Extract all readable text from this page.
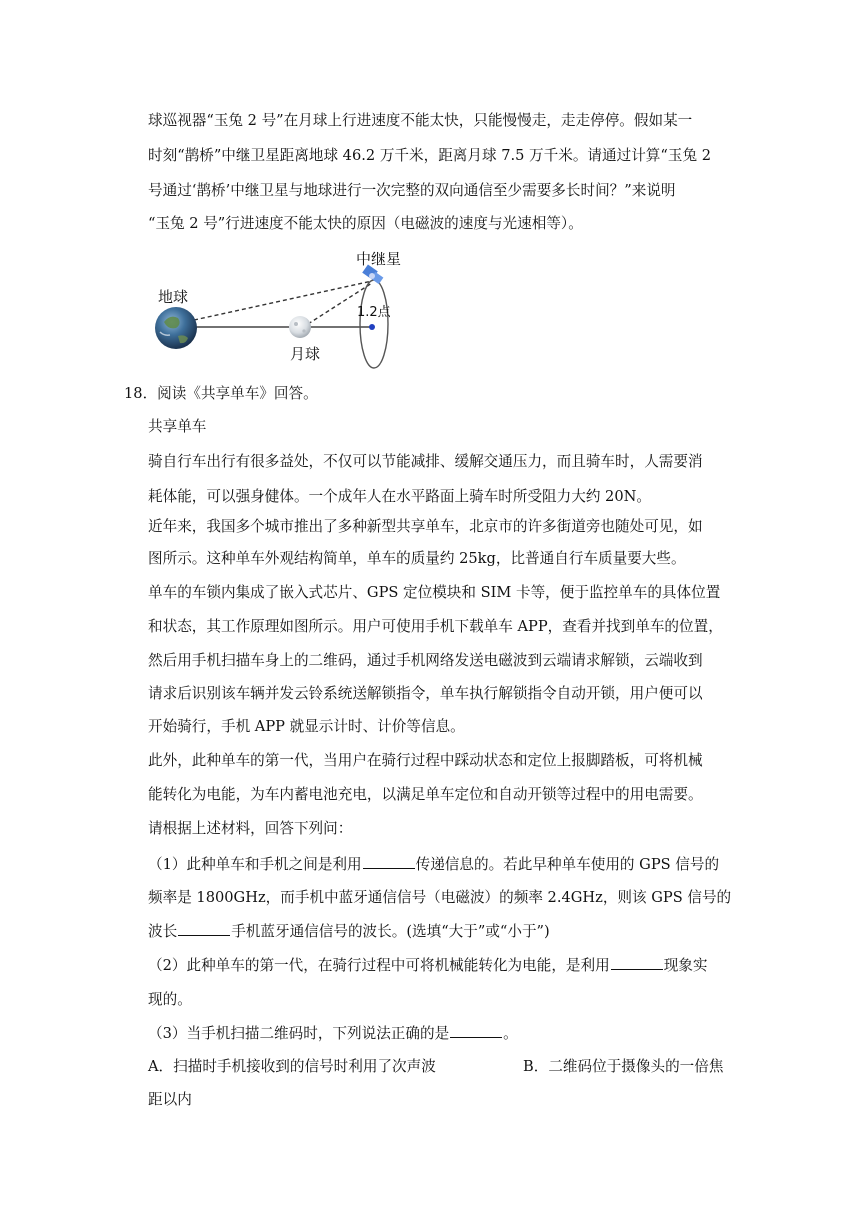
球巡视器“玉兔 2 号”在月球上行进速度不能太快，只能慢慢走，走走停停。假如某一
时刻“鹊桥”中继卫星距离地球 46.2 万千米，距离月球 7.5 万千米。请通过计算“玉兔 2
号通过‘鹊桥’中继卫星与地球进行一次完整的双向通信至少需要多长时间？”来说明
“玉兔 2 号”行进速度不能太快的原因（电磁波的速度与光速相等）。
中继星
地球
月球
1.2点
18．阅读《共享单车》回答。
共享单车
骑自行车出行有很多益处，不仅可以节能减排、缓解交通压力，而且骑车时，人需要消
耗体能，可以强身健体。一个成年人在水平路面上骑车时所受阻力大约 20N。
近年来，我国多个城市推出了多种新型共享单车，北京市的许多街道旁也随处可见，如
图所示。这种单车外观结构简单，单车的质量约 25kg，比普通自行车质量要大些。
单车的车锁内集成了嵌入式芯片、GPS 定位模块和 SIM 卡等，便于监控单车的具体位置
和状态，其工作原理如图所示。用户可使用手机下载单车 APP，查看并找到单车的位置，
然后用手机扫描车身上的二维码，通过手机网络发送电磁波到云端请求解锁，云端收到
请求后识别该车辆并发云铃系统送解锁指令，单车执行解锁指令自动开锁，用户便可以
开始骑行，手机 APP 就显示计时、计价等信息。
此外，此种单车的第一代，当用户在骑行过程中踩动状态和定位上报脚踏板，可将机械
能转化为电能，为车内蓄电池充电，以满足单车定位和自动开锁等过程中的用电需要。
请根据上述材料，回答下列问：
（1）此种单车和手机之间是利用	传递信息的。若此早种单车使用的 GPS 信号的
频率是 1800GHz，而手机中蓝牙通信信号（电磁波）的频率 2.4GHz，则该 GPS 信号的
波长	手机蓝牙通信信号的波长。(选填“大于”或“小于”)
（2）此种单车的第一代，在骑行过程中可将机械能转化为电能，是利用	现象实
现的。
（3）当手机扫描二维码时，下列说法正确的是	。
A．扫描时手机接收到的信号时利用了次声波	B．二维码位于摄像头的一倍焦
距以内
